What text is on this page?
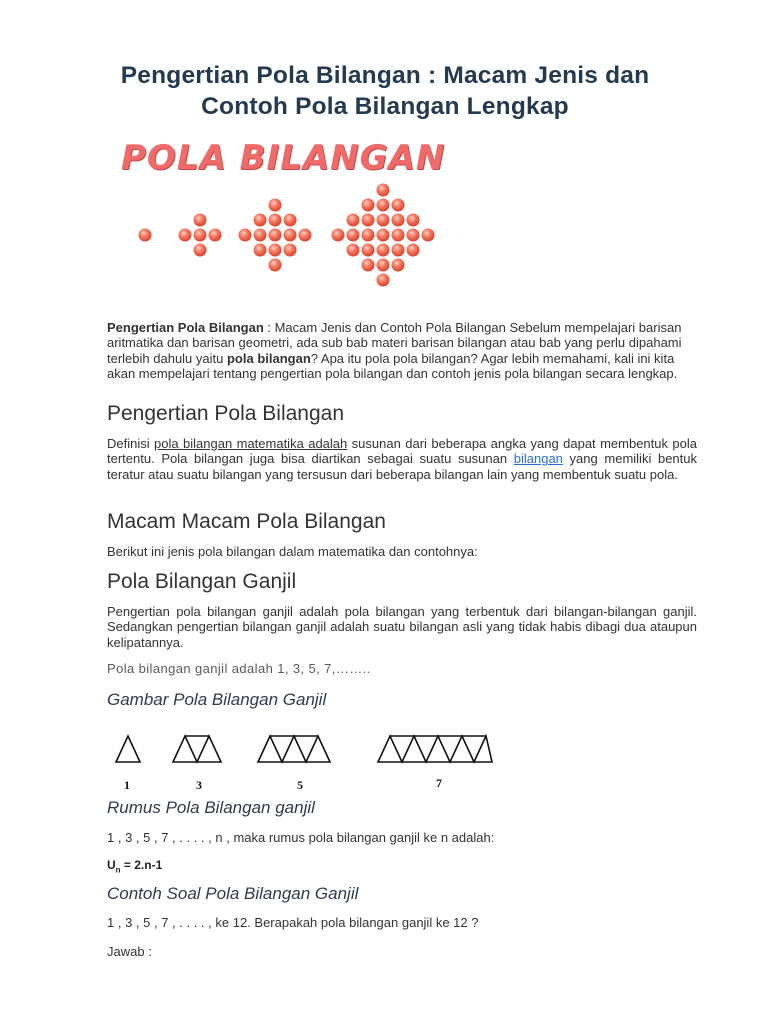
Pengertian Pola Bilangan : Macam Jenis dan Contoh Pola Bilangan Lengkap
POLA BILANGAN
Pengertian Pola Bilangan : Macam Jenis dan Contoh Pola Bilangan Sebelum mempelajari barisan aritmatika dan barisan geometri, ada sub bab materi barisan bilangan atau bab yang perlu dipahami terlebih dahulu yaitu pola bilangan? Apa itu pola pola bilangan? Agar lebih memahami, kali ini kita akan mempelajari tentang pengertian pola bilangan dan contoh jenis pola bilangan secara lengkap.
Pengertian Pola Bilangan
Definisi pola bilangan matematika adalah susunan dari beberapa angka yang dapat membentuk pola tertentu. Pola bilangan juga bisa diartikan sebagai suatu susunan bilangan yang memiliki bentuk teratur atau suatu bilangan yang tersusun dari beberapa bilangan lain yang membentuk suatu pola.
Macam Macam Pola Bilangan
Berikut ini jenis pola bilangan dalam matematika dan contohnya:
Pola Bilangan Ganjil
Pengertian pola bilangan ganjil adalah pola bilangan yang terbentuk dari bilangan-bilangan ganjil. Sedangkan pengertian bilangan ganjil adalah suatu bilangan asli yang tidak habis dibagi dua ataupun kelipatannya.
Pola bilangan ganjil adalah 1, 3, 5, 7,……..
Gambar Pola Bilangan Ganjil
1	3	5	7
Rumus Pola Bilangan ganjil
1 , 3 , 5 , 7 , . . . . , n , maka rumus pola bilangan ganjil ke n adalah:
$U_n = 2.n-1$
Contoh Soal Pola Bilangan Ganjil
1 , 3 , 5 , 7 , . . . . , ke 12. Berapakah pola bilangan ganjil ke 12 ?
Jawab :
